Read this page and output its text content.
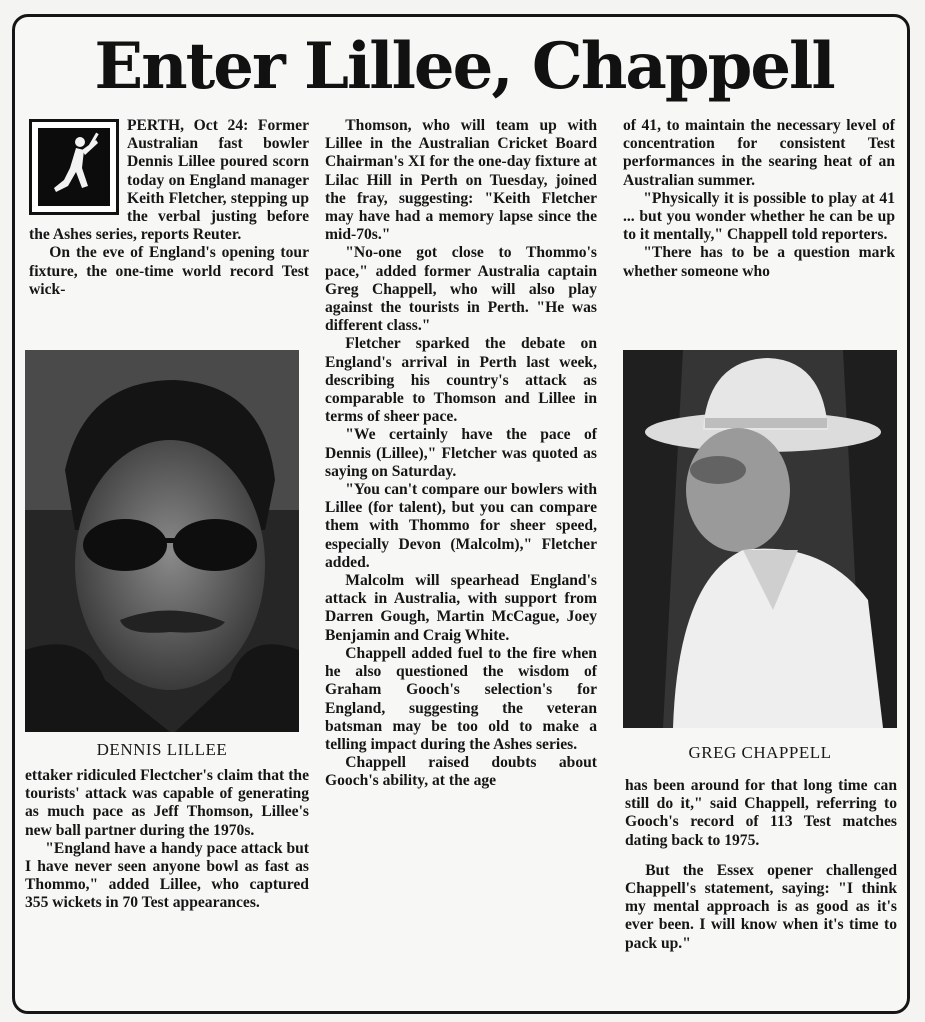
Enter Lillee, Chappell

PERTH, Oct 24: Former Australian fast bowler Dennis Lillee poured scorn today on England manager Keith Fletcher, stepping up the verbal justing before the Ashes series, reports Reuter.

On the eve of England's opening tour fixture, the one-time world record Test wick-

DENNIS LILLEE

ettaker ridiculed Flectcher's claim that the tourists' attack was capable of generating as much pace as Jeff Thomson, Lillee's new ball partner during the 1970s.

"England have a handy pace attack but I have never seen anyone bowl as fast as Thommo," added Lillee, who captured 355 wickets in 70 Test appearances.

Thomson, who will team up with Lillee in the Australian Cricket Board Chairman's XI for the one-day fixture at Lilac Hill in Perth on Tuesday, joined the fray, suggesting: "Keith Fletcher may have had a memory lapse since the mid-70s."

"No-one got close to Thommo's pace," added former Australia captain Greg Chappell, who will also play against the tourists in Perth. "He was different class."

Fletcher sparked the debate on England's arrival in Perth last week, describing his country's attack as comparable to Thomson and Lillee in terms of sheer pace.

"We certainly have the pace of Dennis (Lillee)," Fletcher was quoted as saying on Saturday.

"You can't compare our bowlers with Lillee (for talent), but you can compare them with Thommo for sheer speed, especially Devon (Malcolm)," Fletcher added.

Malcolm will spearhead England's attack in Australia, with support from Darren Gough, Martin McCague, Joey Benjamin and Craig White.

Chappell added fuel to the fire when he also questioned the wisdom of Graham Gooch's selection's for England, suggesting the veteran batsman may be too old to make a telling impact during the Ashes series.

Chappell raised doubts about Gooch's ability, at the age

of 41, to maintain the necessary level of concentration for consistent Test performances in the searing heat of an Australian summer.

"Physically it is possible to play at 41 ... but you wonder whether he can be up to it mentally," Chappell told reporters.

"There has to be a question mark whether someone who

GREG CHAPPELL

has been around for that long time can still do it," said Chappell, referring to Gooch's record of 113 Test matches dating back to 1975.

But the Essex opener challenged Chappell's statement, saying: "I think my mental approach is as good as it's ever been. I will know when it's time to pack up."
